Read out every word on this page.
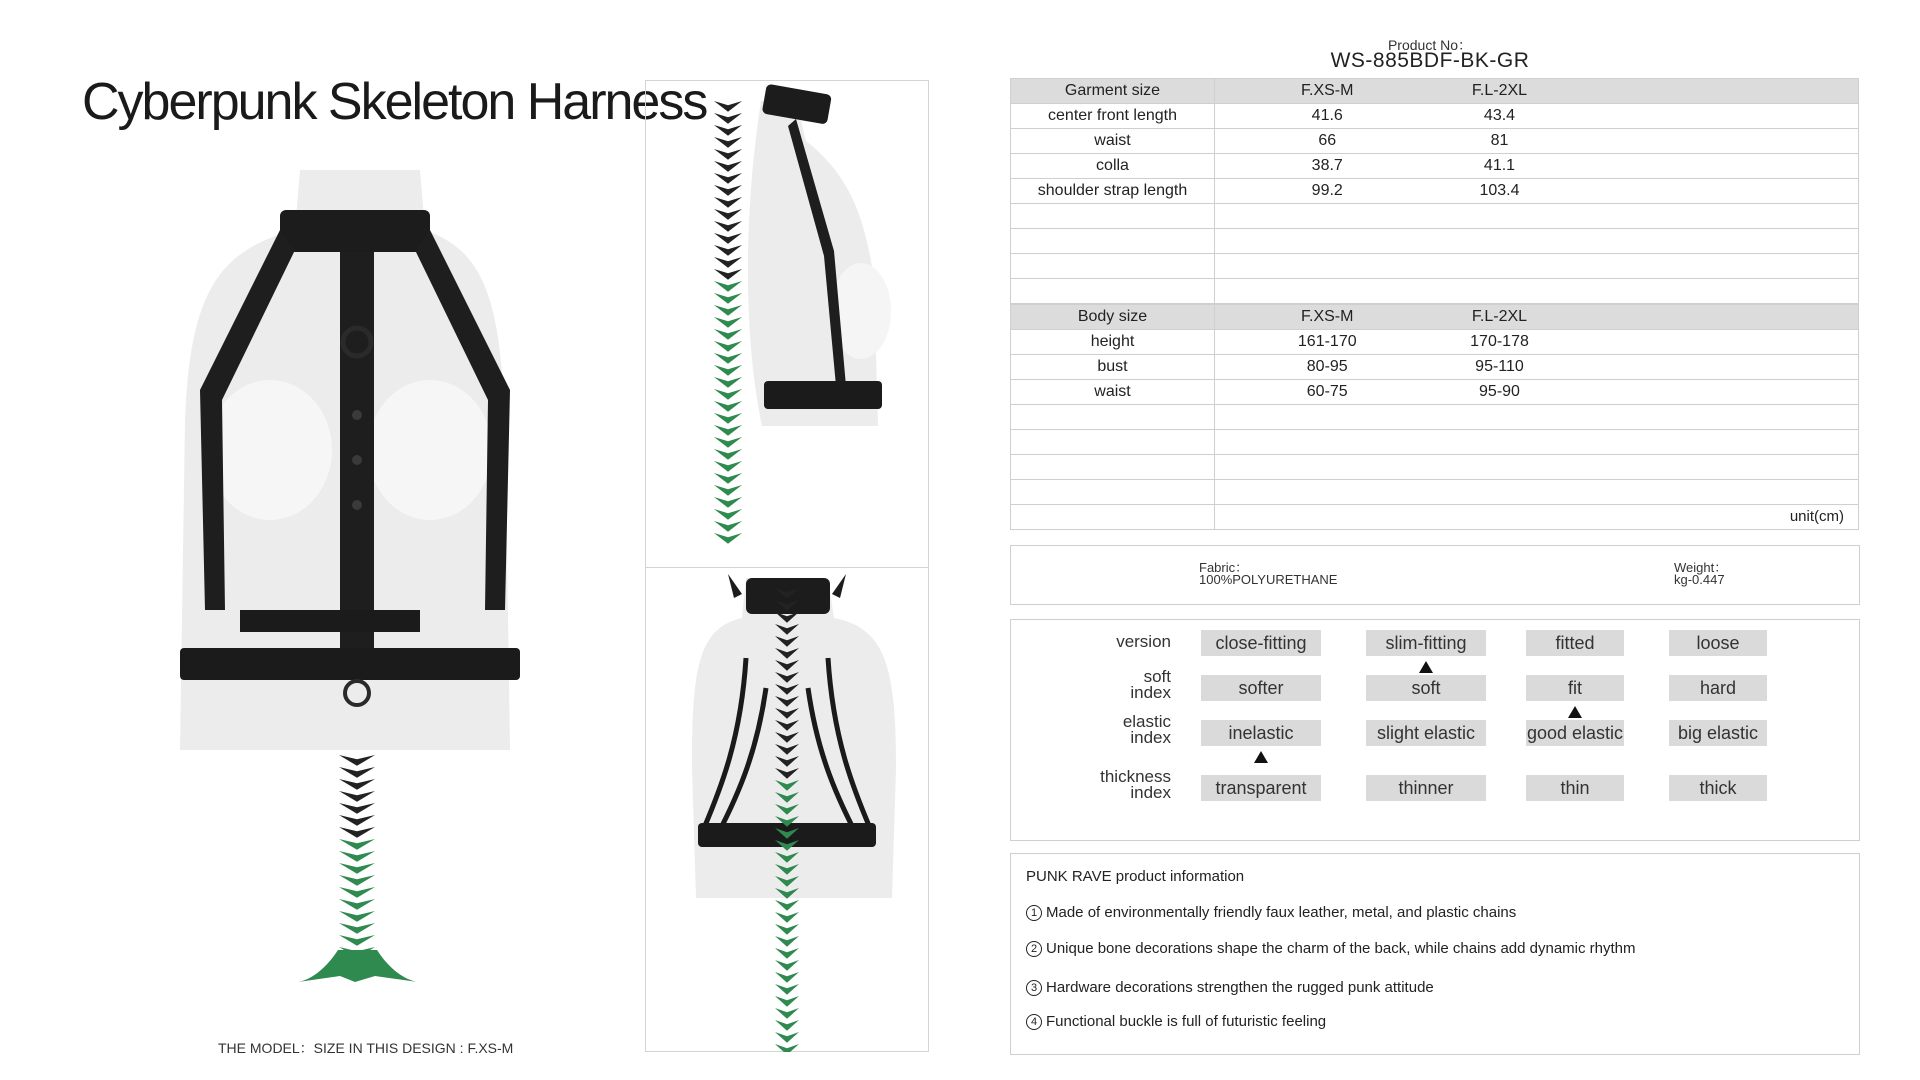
Cyberpunk Skeleton Harness
THE MODEL：SIZE IN THIS DESIGN : F.XS-M
Product No：
WS-885BDF-BK-GR
Garment size	F.XS-M	F.L-2XL	
center front length	41.6	43.4	
waist	66	81	
colla	38.7	41.1	
shoulder strap length	99.2	103.4	

Body size	F.XS-M	F.L-2XL	
height	161-170	170-178	
bust	80-95	95-110	
waist	60-75	95-90	

unit(cm)
Fabric：
100%POLYURETHANE
Weight：
kg-0.447
version	close-fitting	slim-fitting	fitted	loose
soft
index	softer	soft	fit	hard
elastic
index	inelastic	slight elastic	good elastic	big elastic
thickness
index	transparent	thinner	thin	thick
PUNK RAVE product information
1 Made of environmentally friendly faux leather, metal, and plastic chains
2 Unique bone decorations shape the charm of the back, while chains add dynamic rhythm
3 Hardware decorations strengthen the rugged punk attitude
4 Functional buckle is full of futuristic feeling
